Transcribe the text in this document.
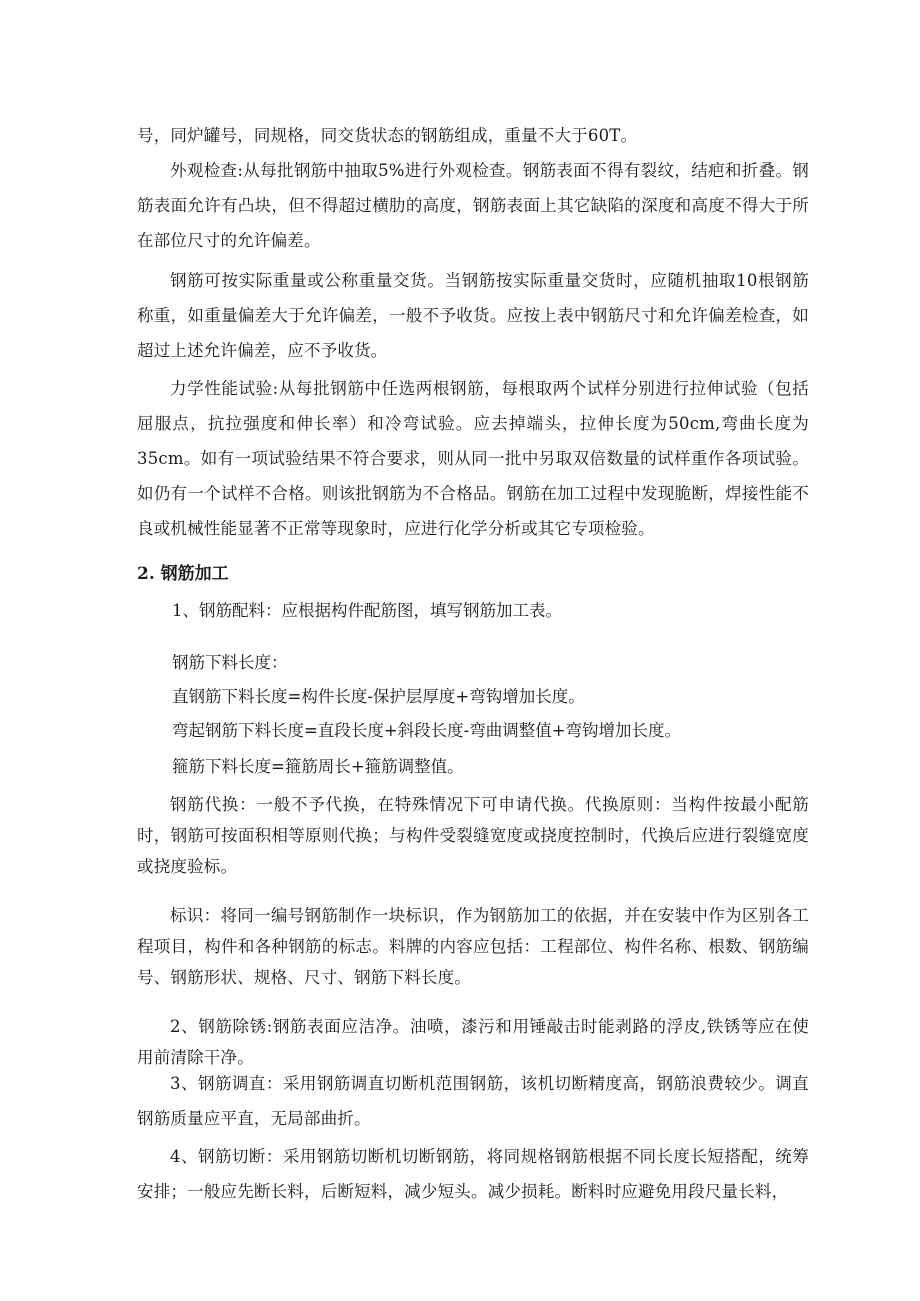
号，同炉罐号，同规格，同交货状态的钢筋组成，重量不大于60T。

外观检查:从每批钢筋中抽取5%进行外观检查。钢筋表面不得有裂纹，结疤和折叠。钢筋表面允许有凸块，但不得超过横肋的高度，钢筋表面上其它缺陷的深度和高度不得大于所在部位尺寸的允许偏差。

钢筋可按实际重量或公称重量交货。当钢筋按实际重量交货时，应随机抽取10根钢筋称重，如重量偏差大于允许偏差，一般不予收货。应按上表中钢筋尺寸和允许偏差检查，如超过上述允许偏差，应不予收货。

力学性能试验:从每批钢筋中任选两根钢筋，每根取两个试样分别进行拉伸试验（包括屈服点，抗拉强度和伸长率）和冷弯试验。应去掉端头，拉伸长度为50cm,弯曲长度为35cm。如有一项试验结果不符合要求，则从同一批中另取双倍数量的试样重作各项试验。如仍有一个试样不合格。则该批钢筋为不合格品。钢筋在加工过程中发现脆断，焊接性能不良或机械性能显著不正常等现象时，应进行化学分析或其它专项检验。

2. 钢筋加工

1、钢筋配料：应根据构件配筋图，填写钢筋加工表。

钢筋下料长度：

直钢筋下料长度=构件长度-保护层厚度+弯钩增加长度。

弯起钢筋下料长度=直段长度+斜段长度-弯曲调整值+弯钩增加长度。

箍筋下料长度=箍筋周长+箍筋调整值。

钢筋代换：一般不予代换，在特殊情况下可申请代换。代换原则：当构件按最小配筋时，钢筋可按面积相等原则代换；与构件受裂缝宽度或挠度控制时，代换后应进行裂缝宽度或挠度验标。

标识：将同一编号钢筋制作一块标识，作为钢筋加工的依据，并在安装中作为区别各工程项目，构件和各种钢筋的标志。料牌的内容应包括：工程部位、构件名称、根数、钢筋编号、钢筋形状、规格、尺寸、钢筋下料长度。

2、钢筋除锈:钢筋表面应洁净。油喷，漆污和用锤敲击时能剥路的浮皮,铁锈等应在使用前清除干净。

3、钢筋调直：采用钢筋调直切断机范围钢筋，该机切断精度高，钢筋浪费较少。调直钢筋质量应平直，无局部曲折。

4、钢筋切断：采用钢筋切断机切断钢筋，将同规格钢筋根据不同长度长短搭配，统筹安排；一般应先断长料，后断短料，减少短头。减少损耗。断料时应避免用段尺量长料，
